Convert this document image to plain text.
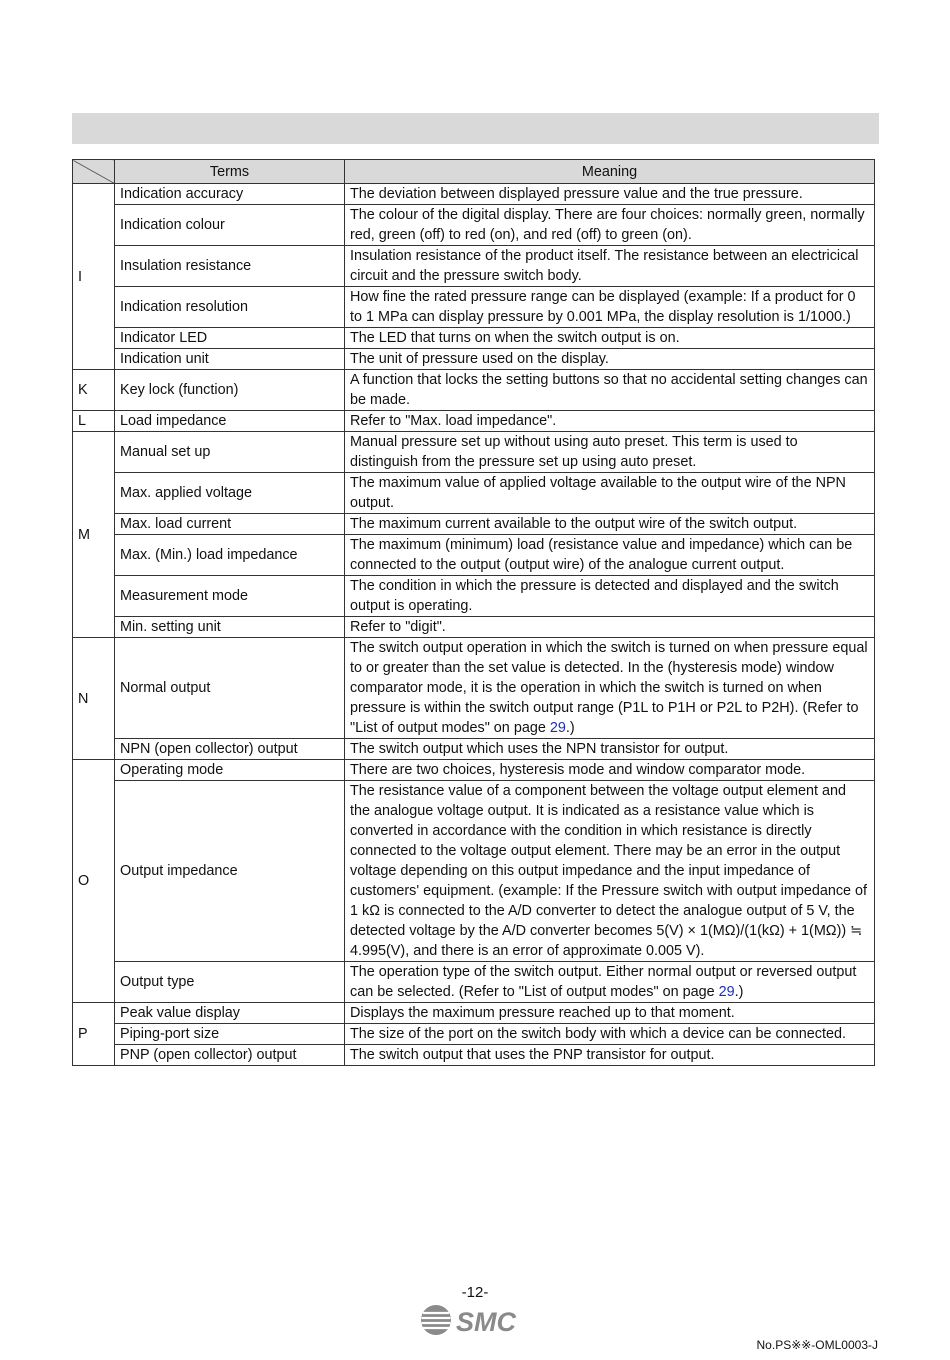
	Terms	Meaning
I	Indication accuracy	The deviation between displayed pressure value and the true pressure.
	Indication colour	The colour of the digital display. There are four choices: normally green, normally red, green (off) to red (on), and red (off) to green (on).
	Insulation resistance	Insulation resistance of the product itself. The resistance between an electricical circuit and the pressure switch body.
	Indication resolution	How fine the rated pressure range can be displayed (example: If a product for 0 to 1 MPa can display pressure by 0.001 MPa, the display resolution is 1/1000.)
	Indicator LED	The LED that turns on when the switch output is on.
	Indication unit	The unit of pressure used on the display.
K	Key lock (function)	A function that locks the setting buttons so that no accidental setting changes can be made.
L	Load impedance	Refer to "Max. load impedance".
M	Manual set up	Manual pressure set up without using auto preset. This term is used to distinguish from the pressure set up using auto preset.
	Max. applied voltage	The maximum value of applied voltage available to the output wire of the NPN output.
	Max. load current	The maximum current available to the output wire of the switch output.
	Max. (Min.) load impedance	The maximum (minimum) load (resistance value and impedance) which can be connected to the output (output wire) of the analogue current output.
	Measurement mode	The condition in which the pressure is detected and displayed and the switch output is operating.
	Min. setting unit	Refer to "digit".
N	Normal output	The switch output operation in which the switch is turned on when pressure equal to or greater than the set value is detected. In the (hysteresis mode) window comparator mode, it is the operation in which the switch is turned on when pressure is within the switch output range (P1L to P1H or P2L to P2H). (Refer to "List of output modes" on page 29.)
	NPN (open collector) output	The switch output which uses the NPN transistor for output.
O	Operating mode	There are two choices, hysteresis mode and window comparator mode.
	Output impedance	The resistance value of a component between the voltage output element and the analogue voltage output. It is indicated as a resistance value which is converted in accordance with the condition in which resistance is directly connected to the voltage output element. There may be an error in the output voltage depending on this output impedance and the input impedance of customers' equipment. (example: If the Pressure switch with output impedance of 1 kΩ is connected to the A/D converter to detect the analogue output of 5 V, the detected voltage by the A/D converter becomes 5(V) × 1(MΩ)/(1(kΩ) + 1(MΩ)) ≒ 4.995(V), and there is an error of approximate 0.005 V).
	Output type	The operation type of the switch output. Either normal output or reversed output can be selected. (Refer to "List of output modes" on page 29.)
P	Peak value display	Displays the maximum pressure reached up to that moment.
	Piping-port size	The size of the port on the switch body with which a device can be connected.
	PNP (open collector) output	The switch output that uses the PNP transistor for output.
-12-
SMC
No.PS※※-OML0003-J
